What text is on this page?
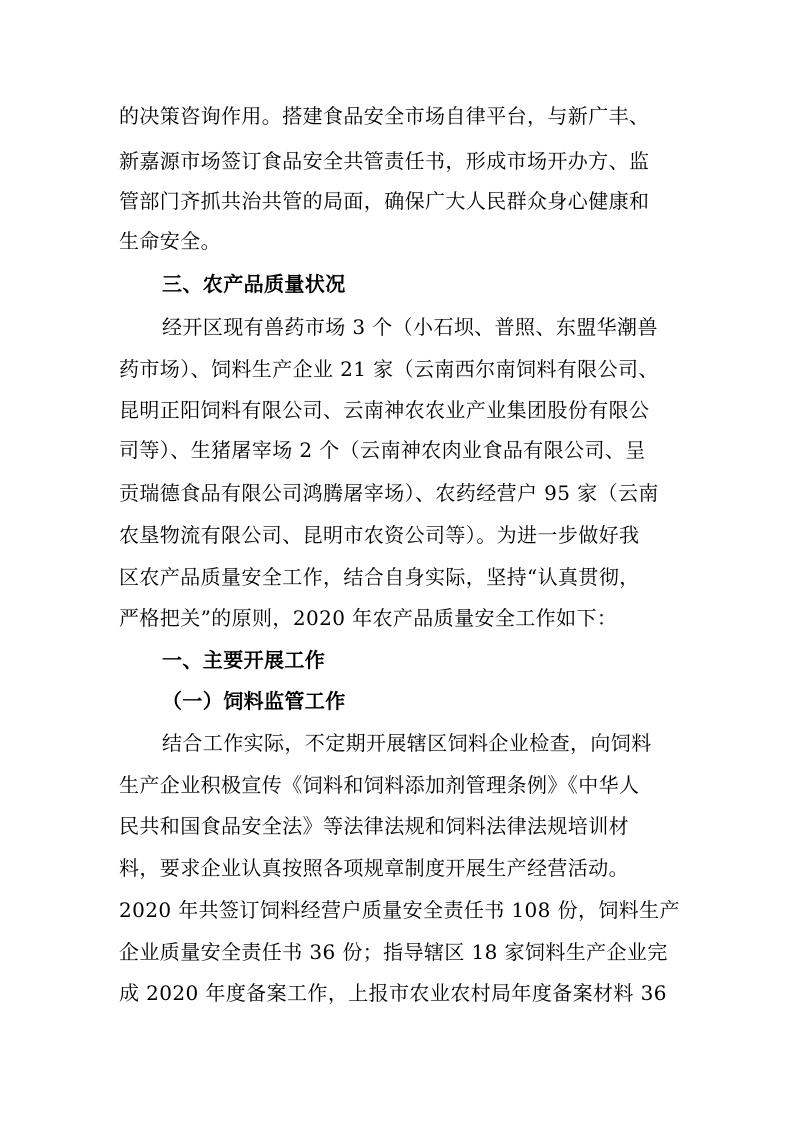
的决策咨询作用。搭建食品安全市场自律平台，与新广丰、
新嘉源市场签订食品安全共管责任书，形成市场开办方、监
管部门齐抓共治共管的局面，确保广大人民群众身心健康和
生命安全。
三、农产品质量状况
经开区现有兽药市场 3 个（小石坝、普照、东盟华潮兽
药市场）、饲料生产企业 21 家（云南西尔南饲料有限公司、
昆明正阳饲料有限公司、云南神农农业产业集团股份有限公
司等）、生猪屠宰场 2 个（云南神农肉业食品有限公司、呈
贡瑞德食品有限公司鸿腾屠宰场）、农药经营户 95 家（云南
农垦物流有限公司、昆明市农资公司等）。为进一步做好我
区农产品质量安全工作，结合自身实际，坚持“认真贯彻，
严格把关”的原则，2020 年农产品质量安全工作如下：
一、主要开展工作
（一）饲料监管工作
结合工作实际，不定期开展辖区饲料企业检查，向饲料
生产企业积极宣传《饲料和饲料添加剂管理条例》《中华人
民共和国食品安全法》等法律法规和饲料法律法规培训材
料，要求企业认真按照各项规章制度开展生产经营活动。
2020 年共签订饲料经营户质量安全责任书 108 份，饲料生产
企业质量安全责任书 36 份；指导辖区 18 家饲料生产企业完
成 2020 年度备案工作，上报市农业农村局年度备案材料 36
